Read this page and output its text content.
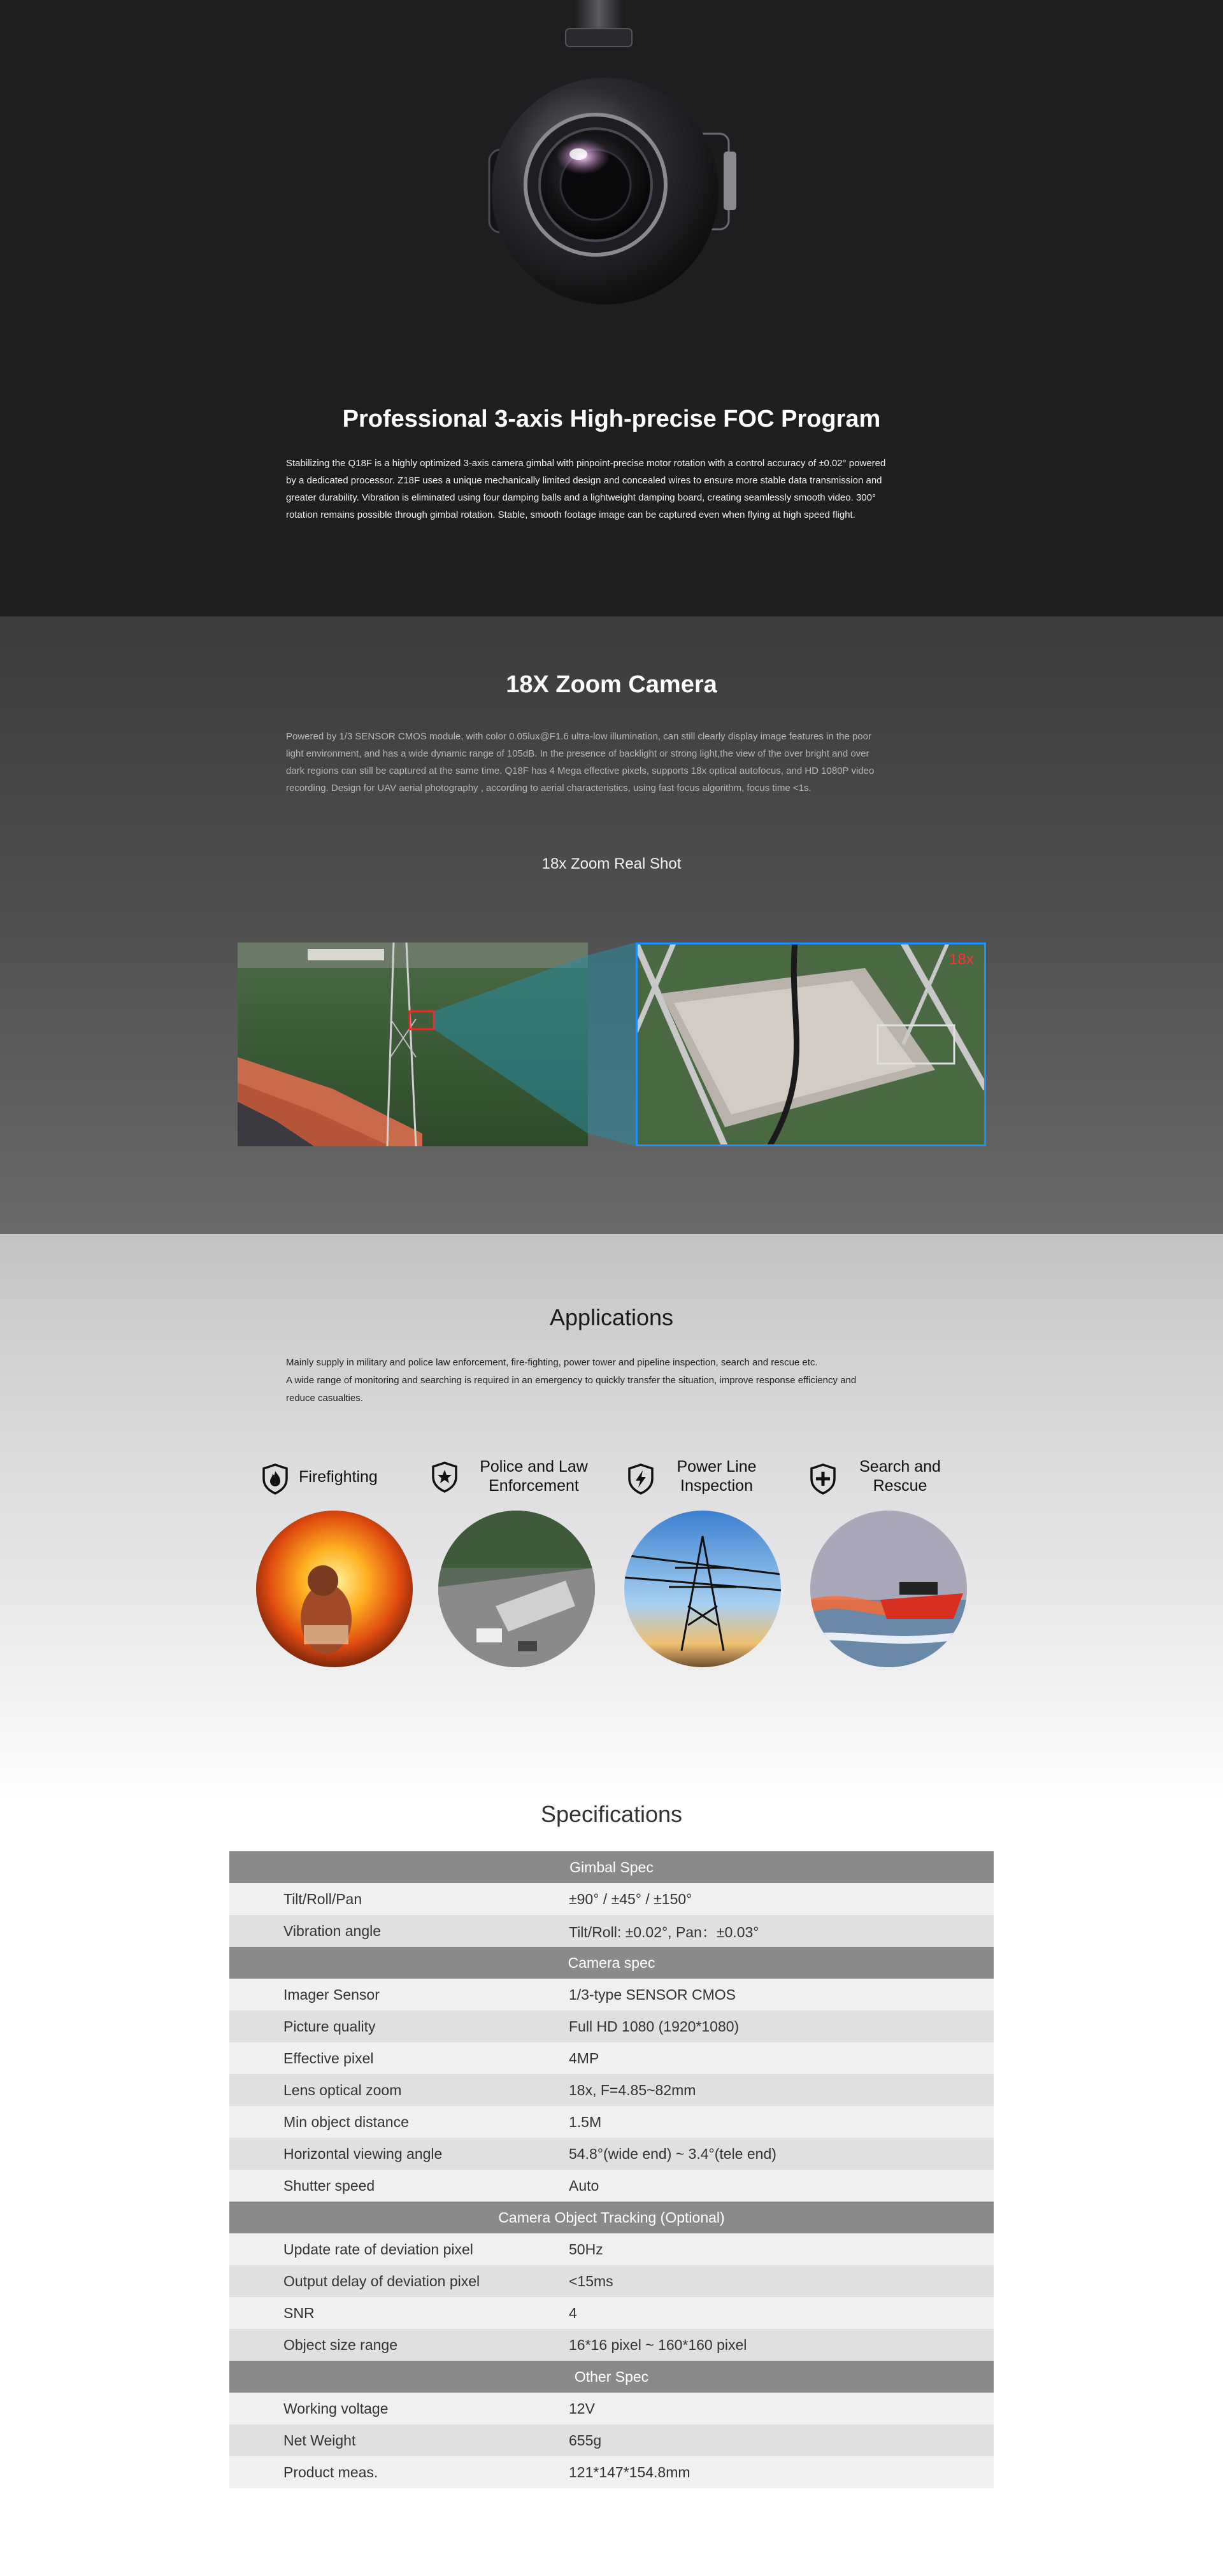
Professional 3-axis High-precise FOC Program
Stabilizing the Q18F is a highly optimized 3-axis camera gimbal with pinpoint-precise motor rotation with a control accuracy of ±0.02° powered
by a dedicated processor. Z18F uses a unique mechanically limited design and concealed wires to ensure more stable data transmission and
greater durability. Vibration is eliminated using four damping balls and a lightweight damping board, creating seamlessly smooth video. 300°
rotation remains possible through gimbal rotation. Stable, smooth footage image can be captured even when flying at high speed flight.
18X Zoom Camera
Powered by 1/3 SENSOR CMOS module, with color 0.05lux@F1.6 ultra-low illumination, can still clearly display image features in the poor
light environment, and has a wide dynamic range of 105dB. In the presence of backlight or strong light,the view of the over bright and over
dark regions can still be captured at the same time. Q18F has 4 Mega effective pixels, supports 18x optical autofocus, and HD 1080P video
recording. Design for UAV aerial photography , according to aerial characteristics, using fast focus algorithm, focus time <1s.
18x Zoom Real Shot
18x
Applications
Mainly supply in military and police law enforcement, fire-fighting, power tower and pipeline inspection, search and rescue etc.
A wide range of monitoring and searching is required in an emergency to quickly transfer the situation, improve response efficiency and
reduce casualties.
Firefighting
Police and Law
Enforcement
Power Line
Inspection
Search and
Rescue
Specifications
Gimbal Spec	
Tilt/Roll/Pan	±90° / ±45° / ±150°
Vibration angle	Tilt/Roll: ±0.02°, Pan：±0.03°
Camera spec	
Imager Sensor	1/3-type SENSOR CMOS
Picture quality	Full HD 1080 (1920*1080)
Effective pixel	4MP
Lens optical zoom	18x, F=4.85~82mm
Min object distance	1.5M
Horizontal viewing angle	54.8°(wide end) ~ 3.4°(tele end)
Shutter speed	Auto
Camera Object Tracking (Optional)	
Update rate of deviation pixel	50Hz
Output delay of deviation pixel	<15ms
SNR	4
Object size range	16*16 pixel ~ 160*160 pixel
Other Spec	
Working voltage	12V
Net Weight	655g
Product meas.	121*147*154.8mm
